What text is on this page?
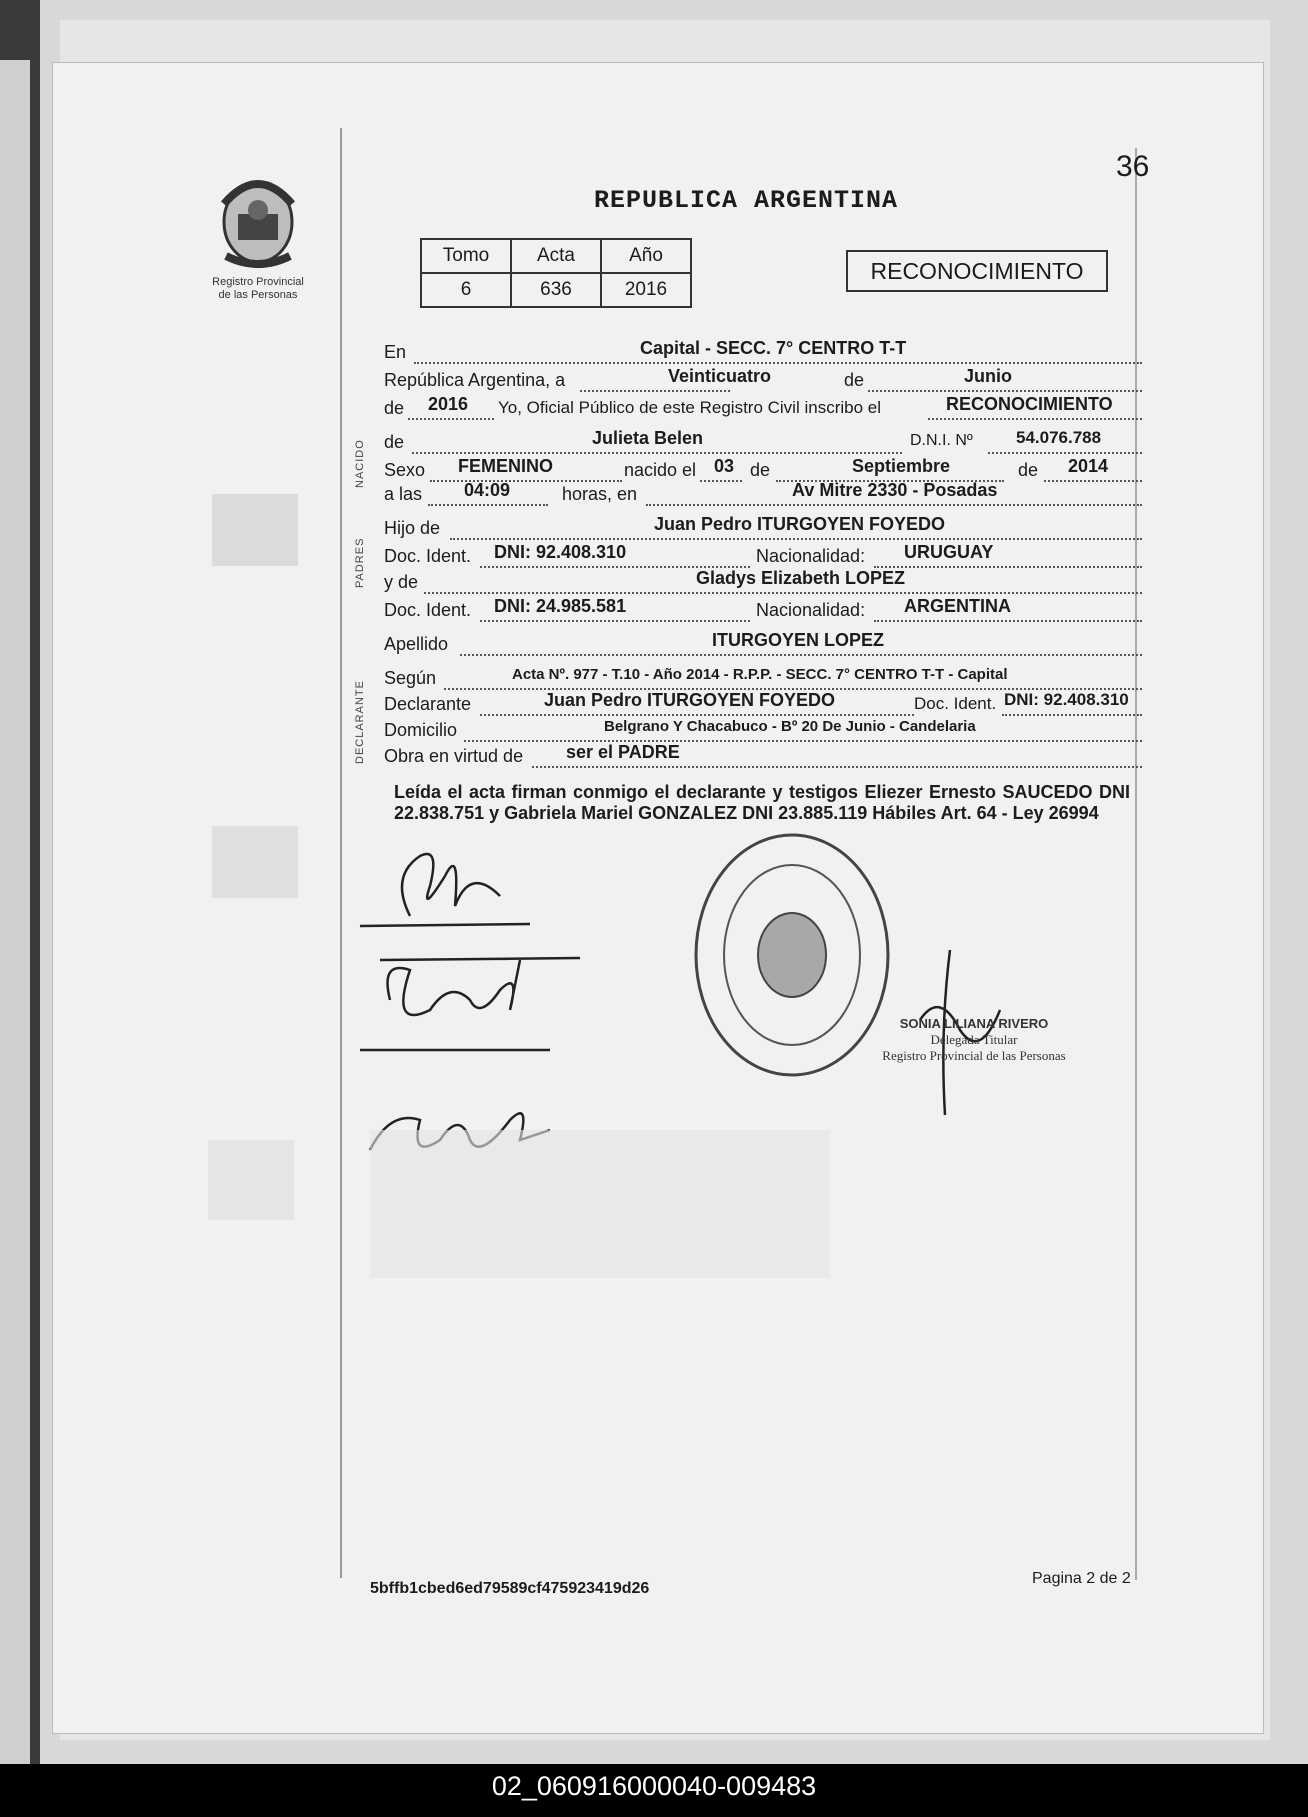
Registro Provincial
de las Personas
36
REPUBLICA ARGENTINA
Tomo	Acta	Año
6	636	2016
RECONOCIMIENTO
NACIDO
PADRES
DECLARANTE
En	Capital - SECC. 7° CENTRO T-T
República Argentina, a	Veinticuatro	de	Junio
de 2016 Yo, Oficial Público de este Registro Civil inscribo el	RECONOCIMIENTO
de	Julieta Belen	D.N.I. Nº	54.076.788
Sexo FEMENINO	nacido el 03 de	Septiembre	de 2014
a las 04:09	horas, en	Av Mitre 2330 - Posadas
Hijo de	Juan Pedro ITURGOYEN FOYEDO
Doc. Ident. DNI: 92.408.310	Nacionalidad: URUGUAY
y de	Gladys Elizabeth LOPEZ
Doc. Ident. DNI: 24.985.581	Nacionalidad: ARGENTINA
Apellido	ITURGOYEN LOPEZ
Según	Acta Nº. 977 - T.10 - Año 2014 - R.P.P. - SECC. 7° CENTRO T-T - Capital
Declarante	Juan Pedro ITURGOYEN FOYEDO	Doc. Ident. DNI: 92.408.310
Domicilio	Belgrano Y Chacabuco - Bº 20 De Junio - Candelaria
Obra en virtud de ser el PADRE
Leída el acta firman conmigo el declarante y testigos Eliezer Ernesto SAUCEDO DNI 22.838.751 y Gabriela Mariel GONZALEZ DNI 23.885.119 Hábiles Art. 64 - Ley 26994
SONIA LILIANA RIVERO
Delegada Titular
Registro Provincial de las Personas
5bffb1cbed6ed79589cf475923419d26
Pagina 2 de 2
02_060916000040-009483
